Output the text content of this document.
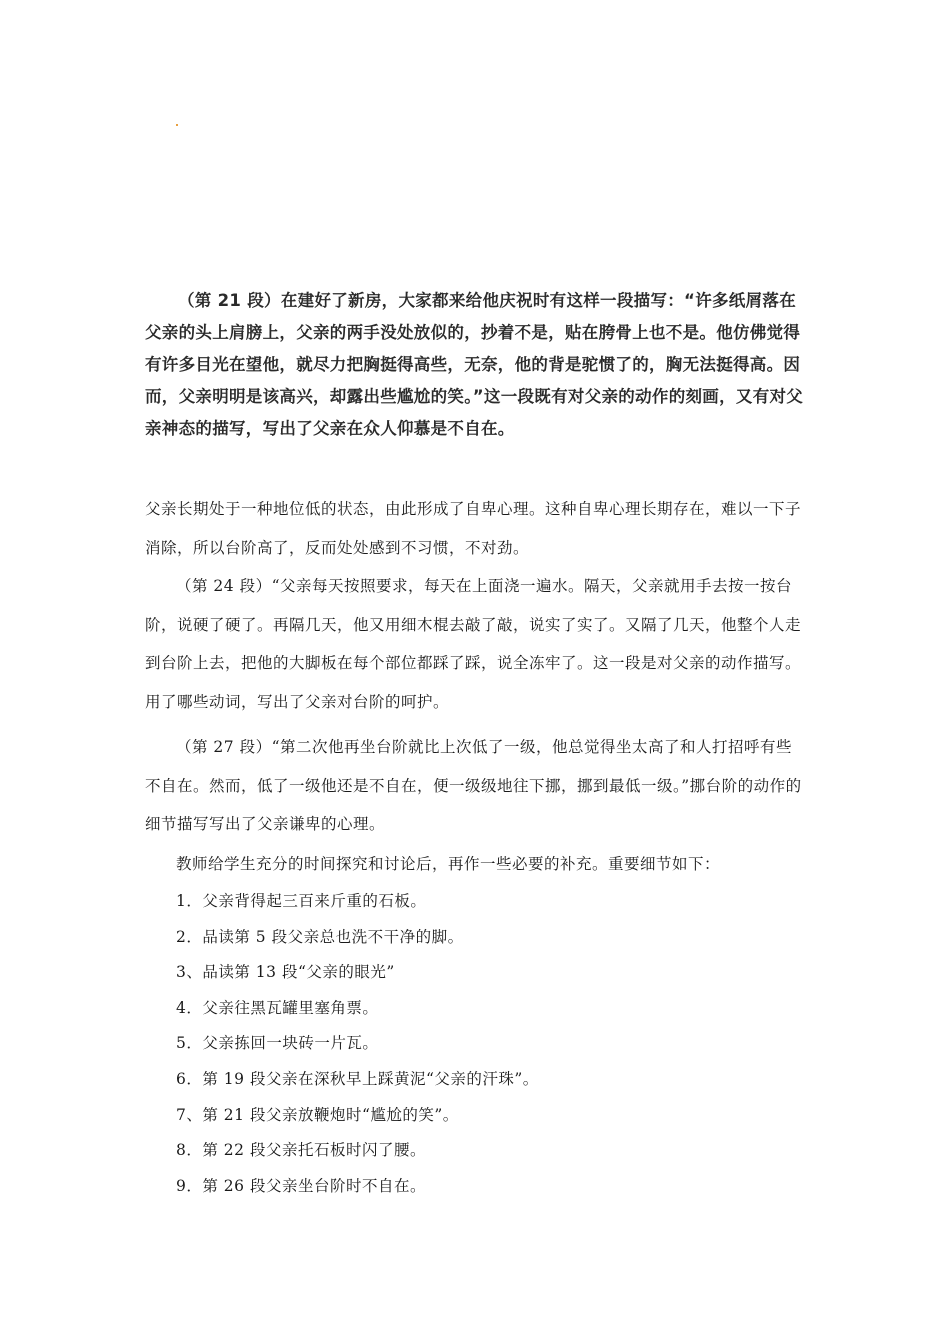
（第 21 段）在建好了新房，大家都来给他庆祝时有这样一段描写：“许多纸屑落在父亲的头上肩膀上，父亲的两手没处放似的，抄着不是，贴在胯骨上也不是。他仿佛觉得有许多目光在望他，就尽力把胸挺得高些，无奈，他的背是驼惯了的，胸无法挺得高。因而，父亲明明是该高兴，却露出些尴尬的笑。”这一段既有对父亲的动作的刻画，又有对父亲神态的描写，写出了父亲在众人仰慕是不自在。

父亲长期处于一种地位低的状态，由此形成了自卑心理。这种自卑心理长期存在，难以一下子消除，所以台阶高了，反而处处感到不习惯，不对劲。

（第 24 段）“父亲每天按照要求，每天在上面浇一遍水。隔天，父亲就用手去按一按台阶，说硬了硬了。再隔几天，他又用细木棍去敲了敲，说实了实了。又隔了几天，他整个人走到台阶上去，把他的大脚板在每个部位都踩了踩，说全冻牢了。这一段是对父亲的动作描写。用了哪些动词，写出了父亲对台阶的呵护。

（第 27 段）“第二次他再坐台阶就比上次低了一级，他总觉得坐太高了和人打招呼有些不自在。然而，低了一级他还是不自在，便一级级地往下挪，挪到最低一级。”挪台阶的动作的细节描写写出了父亲谦卑的心理。

教师给学生充分的时间探究和讨论后，再作一些必要的补充。重要细节如下：

1．父亲背得起三百来斤重的石板。
2．品读第 5 段父亲总也洗不干净的脚。
3、品读第 13 段“父亲的眼光”
4．父亲往黑瓦罐里塞角票。
5．父亲拣回一块砖一片瓦。
6．第 19 段父亲在深秋早上踩黄泥“父亲的汗珠”。
7、第 21 段父亲放鞭炮时“尴尬的笑”。
8．第 22 段父亲托石板时闪了腰。
9．第 26 段父亲坐台阶时不自在。
